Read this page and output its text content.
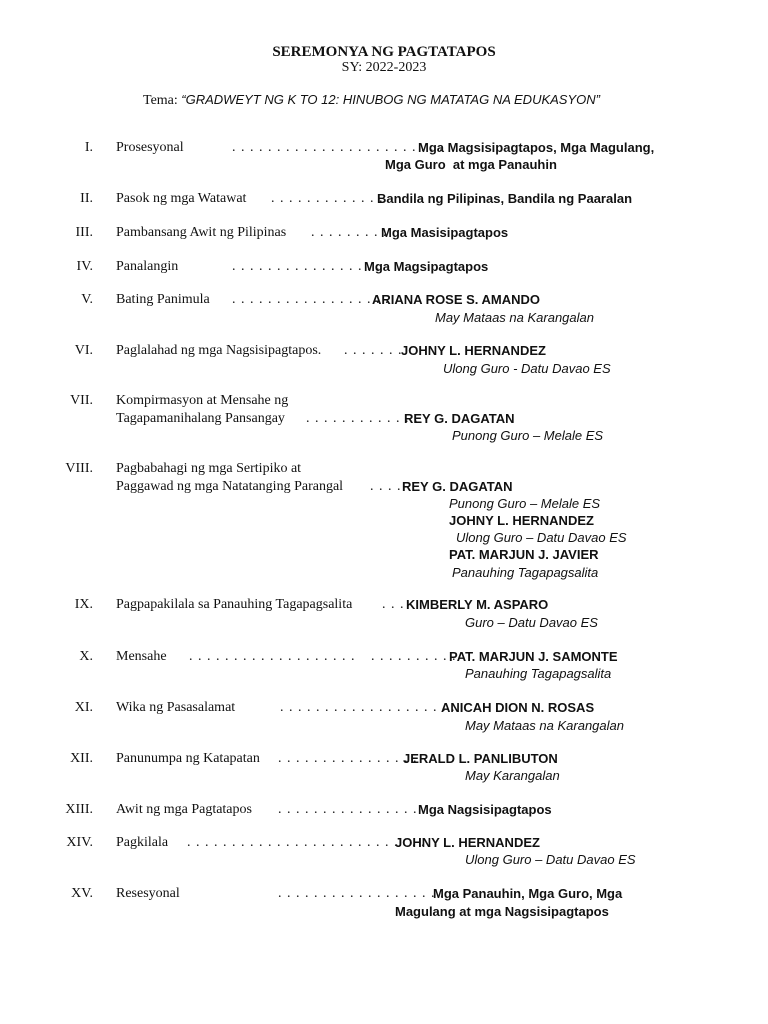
SEREMONYA NG PAGTATAPOS
SY: 2022-2023
Tema: “GRADWEYT NG K TO 12: HINUBOG NG MATATAG NA EDUKASYON”
I. Prosesyonal	. . . . . . . . . . . . . . . . . . . . . . . .
Mga Magsisipagtapos, Mga Magulang,
Mga Guro  at mga Panauhin
II. Pasok ng mga Watawat . . . . . . . . . . . . .
Bandila ng Pilipinas, Bandila ng Paaralan
III. Pambansang Awit ng Pilipinas . . . . . . . . .
Mga Masisipagtapos
IV. Panalangin	. . . . . . . . . . . . . . . . .
Mga Magsipagtapos
V. Bating Panimula . . . . . . . . . . . . . . . . . .
ARIANA ROSE S. AMANDO
May Mataas na Karangalan
VI. Paglalahad ng mga Nagsisipagtapos. . . . . . . .
JOHNY L. HERNANDEZ
Ulong Guro - Datu Davao ES
VII. Kompirmasyon at Mensahe ng
Tagapamanihalang Pansangay . . . . . . . . . . . . .
REY G. DAGATAN
Punong Guro – Melale ES
VIII. Pagbabahagi ng mga Sertipiko at
Paggawad ng mga Natatanging Parangal . . . . REY G. DAGATAN
Punong Guro – Melale ES
JOHNY L. HERNANDEZ
Ulong Guro – Datu Davao ES
PAT. MARJUN J. JAVIER
Panauhing Tagapagsalita
IX. Pagpapakilala sa Panauhing Tagapagsalita . . . KIMBERLY M. ASPARO
Guro – Datu Davao ES
X. Mensahe . . . . . . . . . . . . . . . . . . . . . . . . . . . . .
PAT. MARJUN J. SAMONTE
Panauhing Tagapagsalita
XI. Wika ng Pasasalamat	. . . . . . . . . . . . . . . . . . . . .
ANICAH DION N. ROSAS
May Mataas na Karangalan
XII. Panunumpa ng Katapatan . . . . . . . . . . . . . . . .
JERALD L. PANLIBUTON
May Karangalan
XIII. Awit ng mga Pagtatapos . . . . . . . . . . . . . . . . Mga Nagsisipagtapos
XIV. Pagkilala . . . . . . . . . . . . . . . . . . . . . . . . . . .
JOHNY L. HERNANDEZ
Ulong Guro – Datu Davao ES
XV. Resesyonal	. . . . . . . . . . . . . . . . . . .
Mga Panauhin, Mga Guro, Mga
Magulang at mga Nagsisipagtapos
